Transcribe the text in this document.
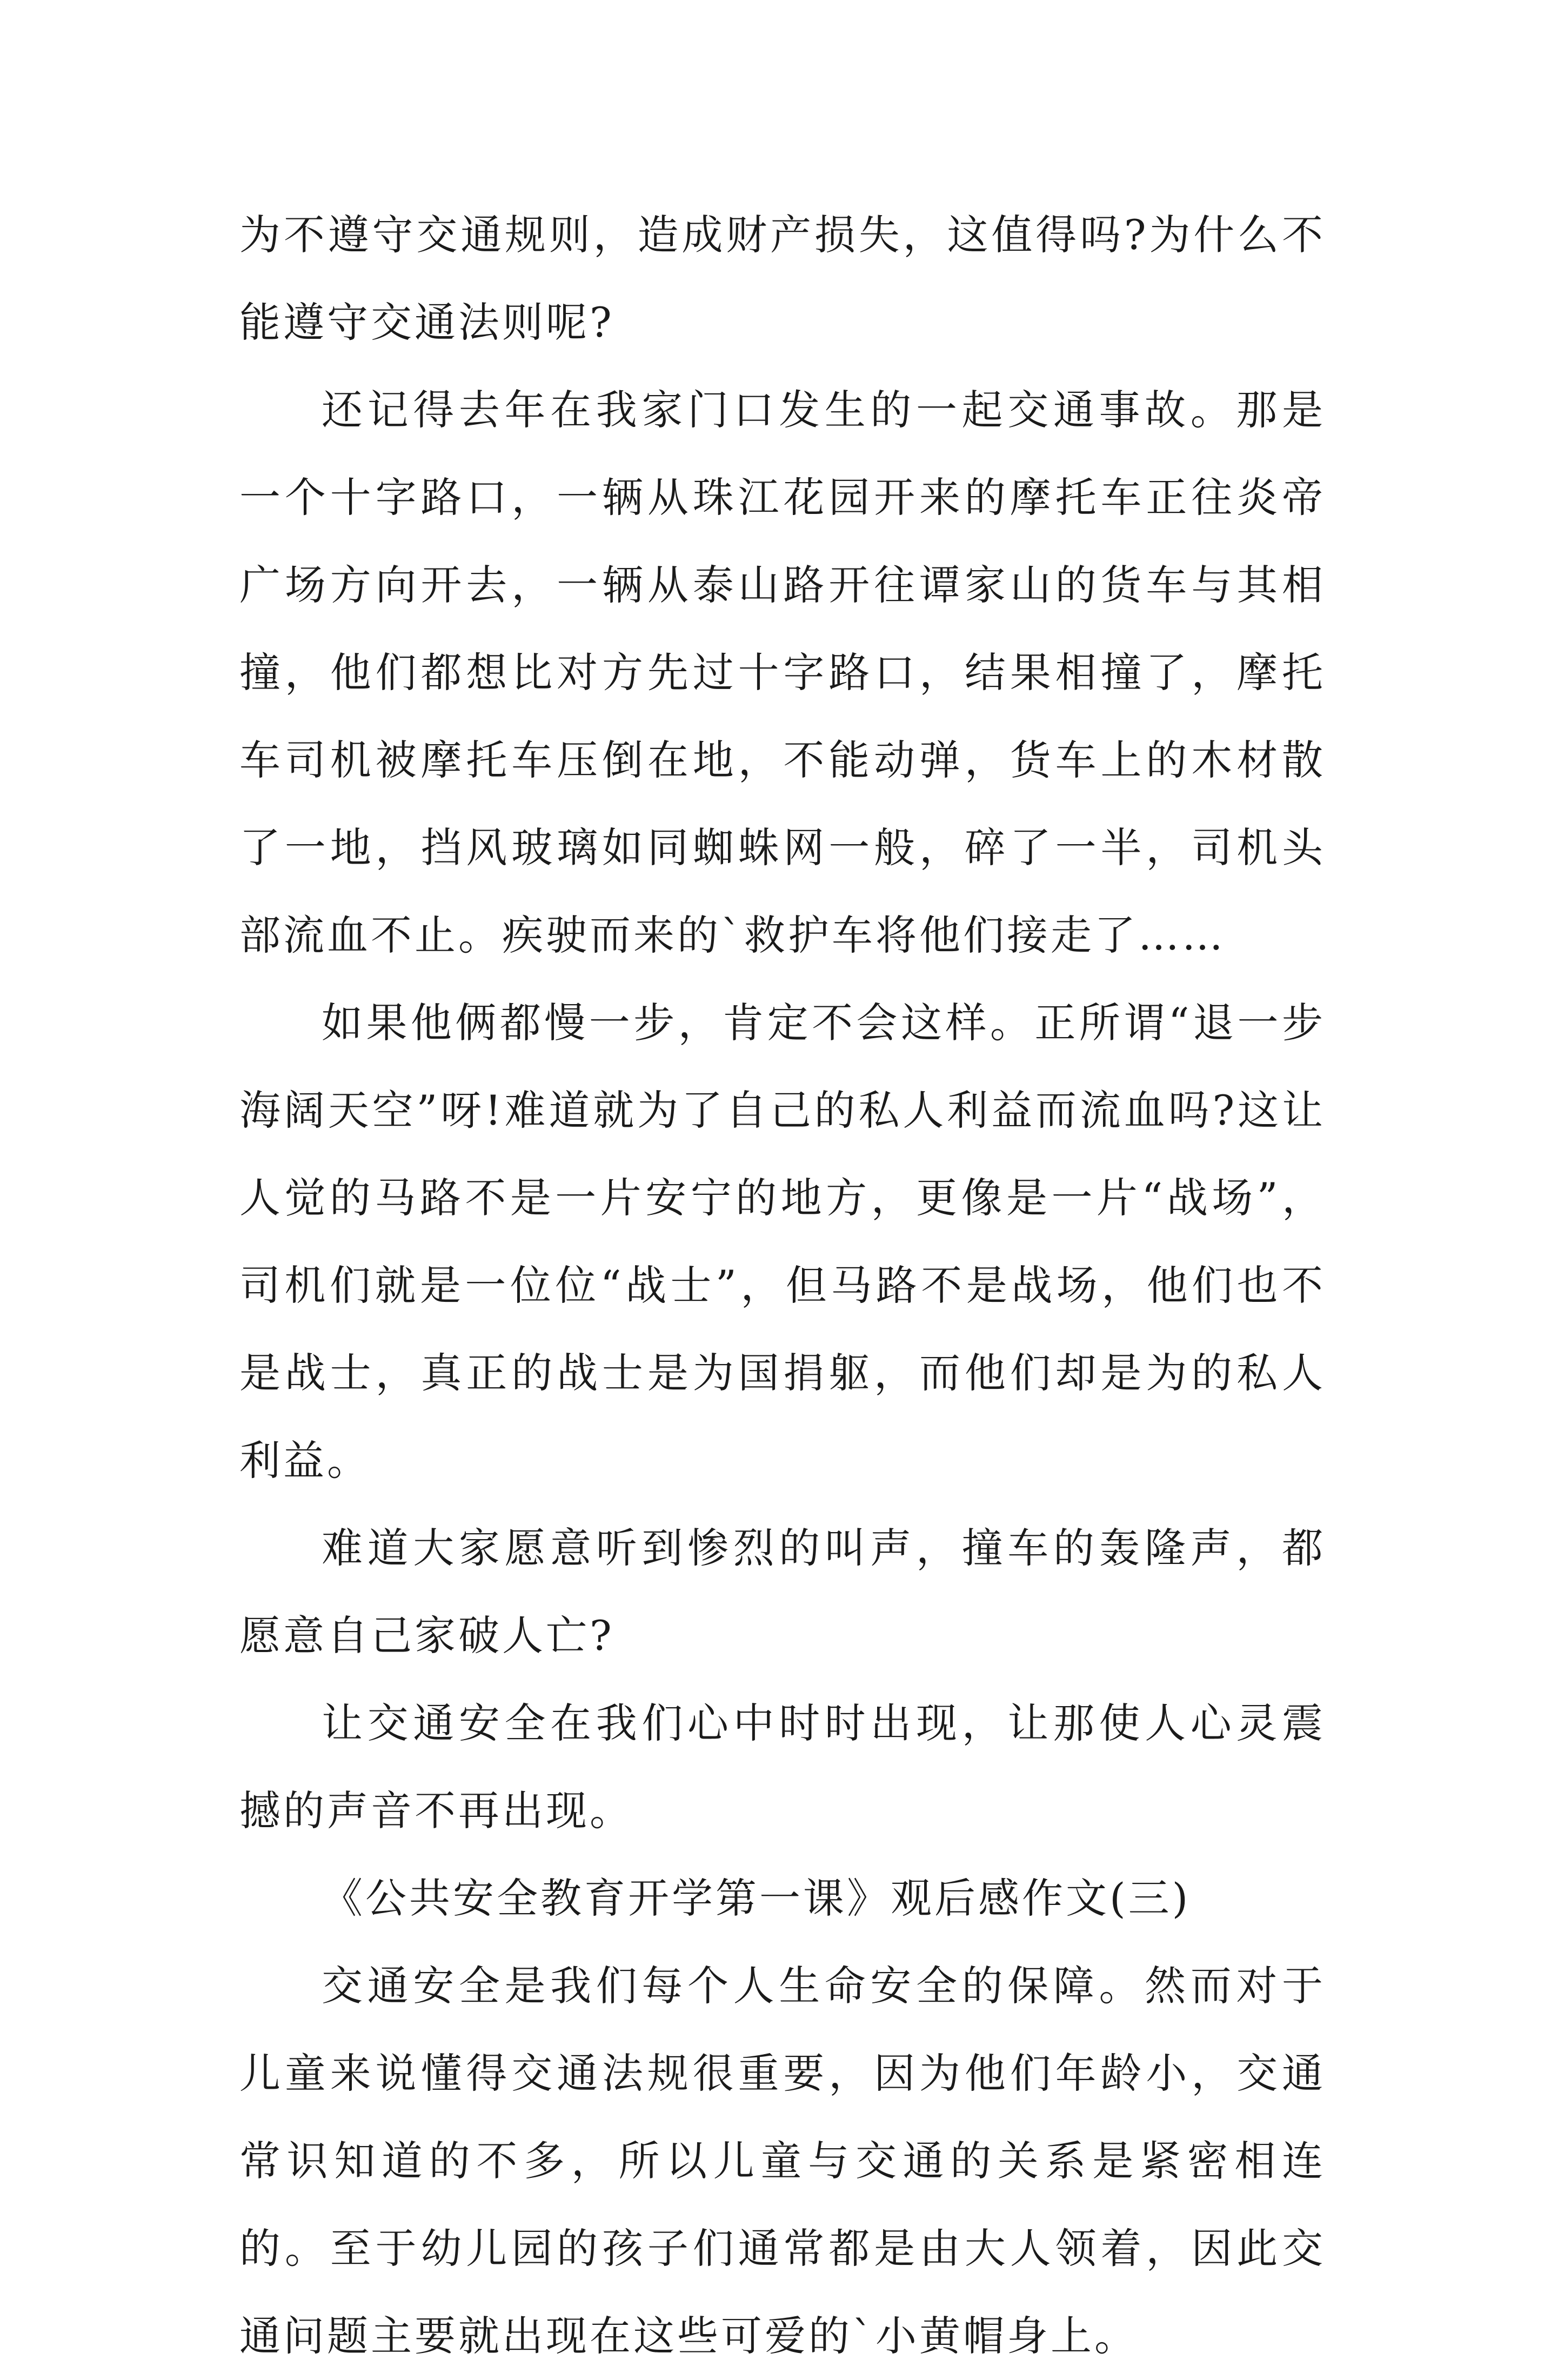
为不遵守交通规则，造成财产损失，这值得吗?为什么不能遵守交通法则呢?

还记得去年在我家门口发生的一起交通事故。那是一个十字路口，一辆从珠江花园开来的摩托车正往炎帝广场方向开去，一辆从泰山路开往谭家山的货车与其相撞，他们都想比对方先过十字路口，结果相撞了，摩托车司机被摩托车压倒在地，不能动弹，货车上的木材散了一地，挡风玻璃如同蜘蛛网一般，碎了一半，司机头部流血不止。疾驶而来的`救护车将他们接走了……

如果他俩都慢一步，肯定不会这样。正所谓“退一步海阔天空”呀!难道就为了自己的私人利益而流血吗?这让人觉的马路不是一片安宁的地方，更像是一片“战场”，司机们就是一位位“战士”，但马路不是战场，他们也不是战士，真正的战士是为国捐躯，而他们却是为的私人利益。

难道大家愿意听到惨烈的叫声，撞车的轰隆声，都愿意自己家破人亡?

让交通安全在我们心中时时出现，让那使人心灵震撼的声音不再出现。

《公共安全教育开学第一课》观后感作文(三)

交通安全是我们每个人生命安全的保障。然而对于儿童来说懂得交通法规很重要，因为他们年龄小，交通常识知道的不多，所以儿童与交通的关系是紧密相连的。至于幼儿园的孩子们通常都是由大人领着，因此交通问题主要就出现在这些可爱的`小黄帽身上。
